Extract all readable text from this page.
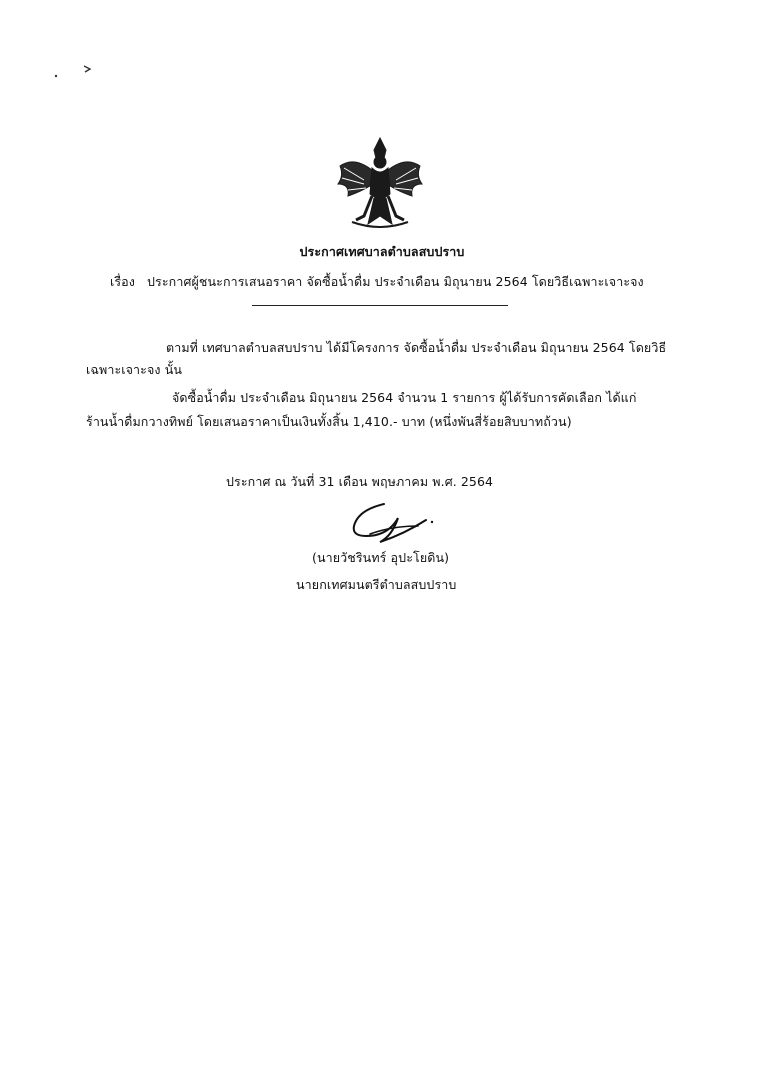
ประกาศเทศบาลตำบลสบปราบ
เรื่อง ประกาศผู้ชนะการเสนอราคา จัดซื้อน้ำดื่ม ประจำเดือน มิถุนายน 2564 โดยวิธีเฉพาะเจาะจง
ตามที่ เทศบาลตำบลสบปราบ ได้มีโครงการ จัดซื้อน้ำดื่ม ประจำเดือน มิถุนายน 2564 โดยวิธี
เฉพาะเจาะจง นั้น
จัดซื้อน้ำดื่ม ประจำเดือน มิถุนายน 2564 จำนวน 1 รายการ ผู้ได้รับการคัดเลือก ได้แก่
ร้านน้ำดื่มกวางทิพย์ โดยเสนอราคาเป็นเงินทั้งสิ้น 1,410.- บาท (หนึ่งพันสี่ร้อยสิบบาทถ้วน)
ประกาศ ณ วันที่ 31 เดือน พฤษภาคม พ.ศ. 2564
(นายวัชรินทร์ อุปะโยดิน)
นายกเทศมนตรีตำบลสบปราบ
